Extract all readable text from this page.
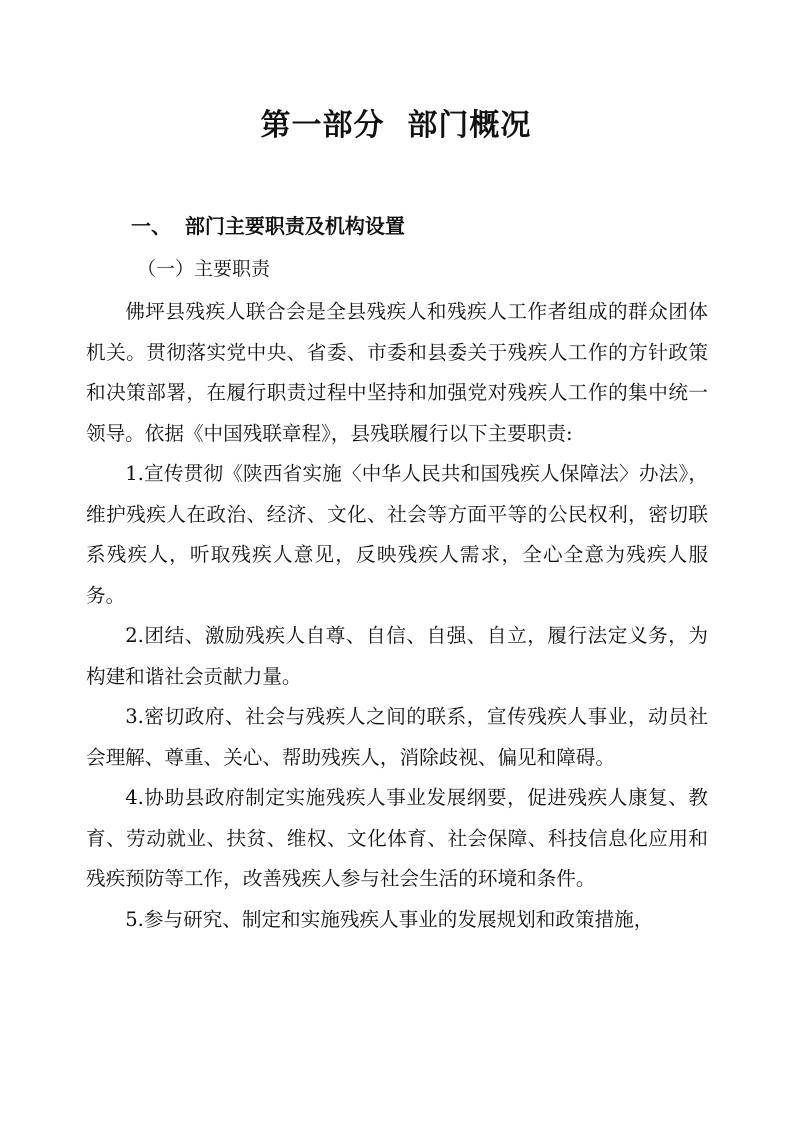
第一部分  部门概况
一、  部门主要职责及机构设置
（一）主要职责

佛坪县残疾人联合会是全县残疾人和残疾人工作者组成的群众团体机关。贯彻落实党中央、省委、市委和县委关于残疾人工作的方针政策和决策部署，在履行职责过程中坚持和加强党对残疾人工作的集中统一领导。依据《中国残联章程》，县残联履行以下主要职责:

1.宣传贯彻《陕西省实施〈中华人民共和国残疾人保障法〉办法》，维护残疾人在政治、经济、文化、社会等方面平等的公民权利，密切联系残疾人，听取残疾人意见，反映残疾人需求，全心全意为残疾人服务。

2.团结、激励残疾人自尊、自信、自强、自立，履行法定义务，为构建和谐社会贡献力量。

3.密切政府、社会与残疾人之间的联系，宣传残疾人事业，动员社会理解、尊重、关心、帮助残疾人，消除歧视、偏见和障碍。

4.协助县政府制定实施残疾人事业发展纲要，促进残疾人康复、教育、劳动就业、扶贫、维权、文化体育、社会保障、科技信息化应用和残疾预防等工作，改善残疾人参与社会生活的环境和条件。

5.参与研究、制定和实施残疾人事业的发展规划和政策措施，
